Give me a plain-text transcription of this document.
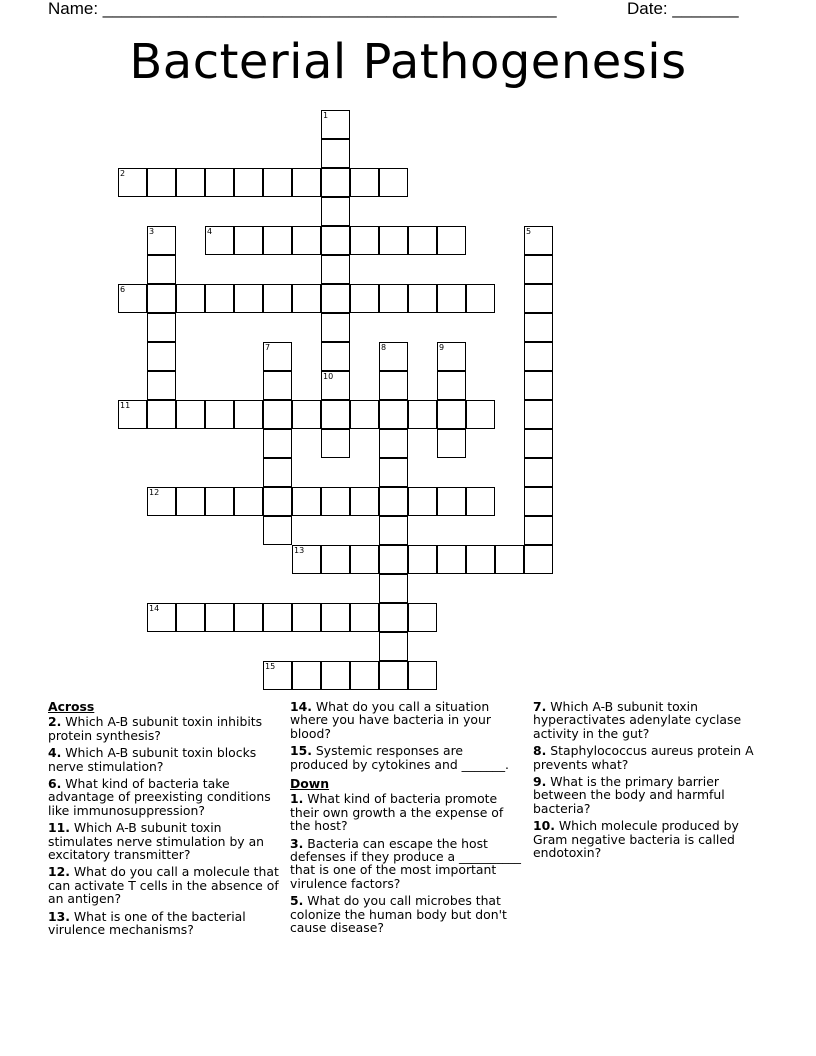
Name: ________________________________________________	Date: _______
Bacterial Pathogenesis
1
2
3	4	5
6
7	8	9
10
11
12
13
14
15

Across

2. Which A-B subunit toxin inhibits protein synthesis?
4. Which A-B subunit toxin blocks nerve stimulation?
6. What kind of bacteria take advantage of preexisting conditions like immunosuppression?
11. Which A-B subunit toxin stimulates nerve stimulation by an excitatory transmitter?
12. What do you call a molecule that can activate T cells in the absence of an antigen?
13. What is one of the bacterial virulence mechanisms?
14. What do you call a situation where you have bacteria in your blood?
15. Systemic responses are produced by cytokines and _______.

Down

1. What kind of bacteria promote their own growth a the expense of the host?
3. Bacteria can escape the host defenses if they produce a __________ that is one of the most important virulence factors?
5. What do you call microbes that colonize the human body but don't cause disease?
7. Which A-B subunit toxin hyperactivates adenylate cyclase activity in the gut?
8. Staphylococcus aureus protein A prevents what?
9. What is the primary barrier between the body and harmful bacteria?
10. Which molecule produced by Gram negative bacteria is called endotoxin?
